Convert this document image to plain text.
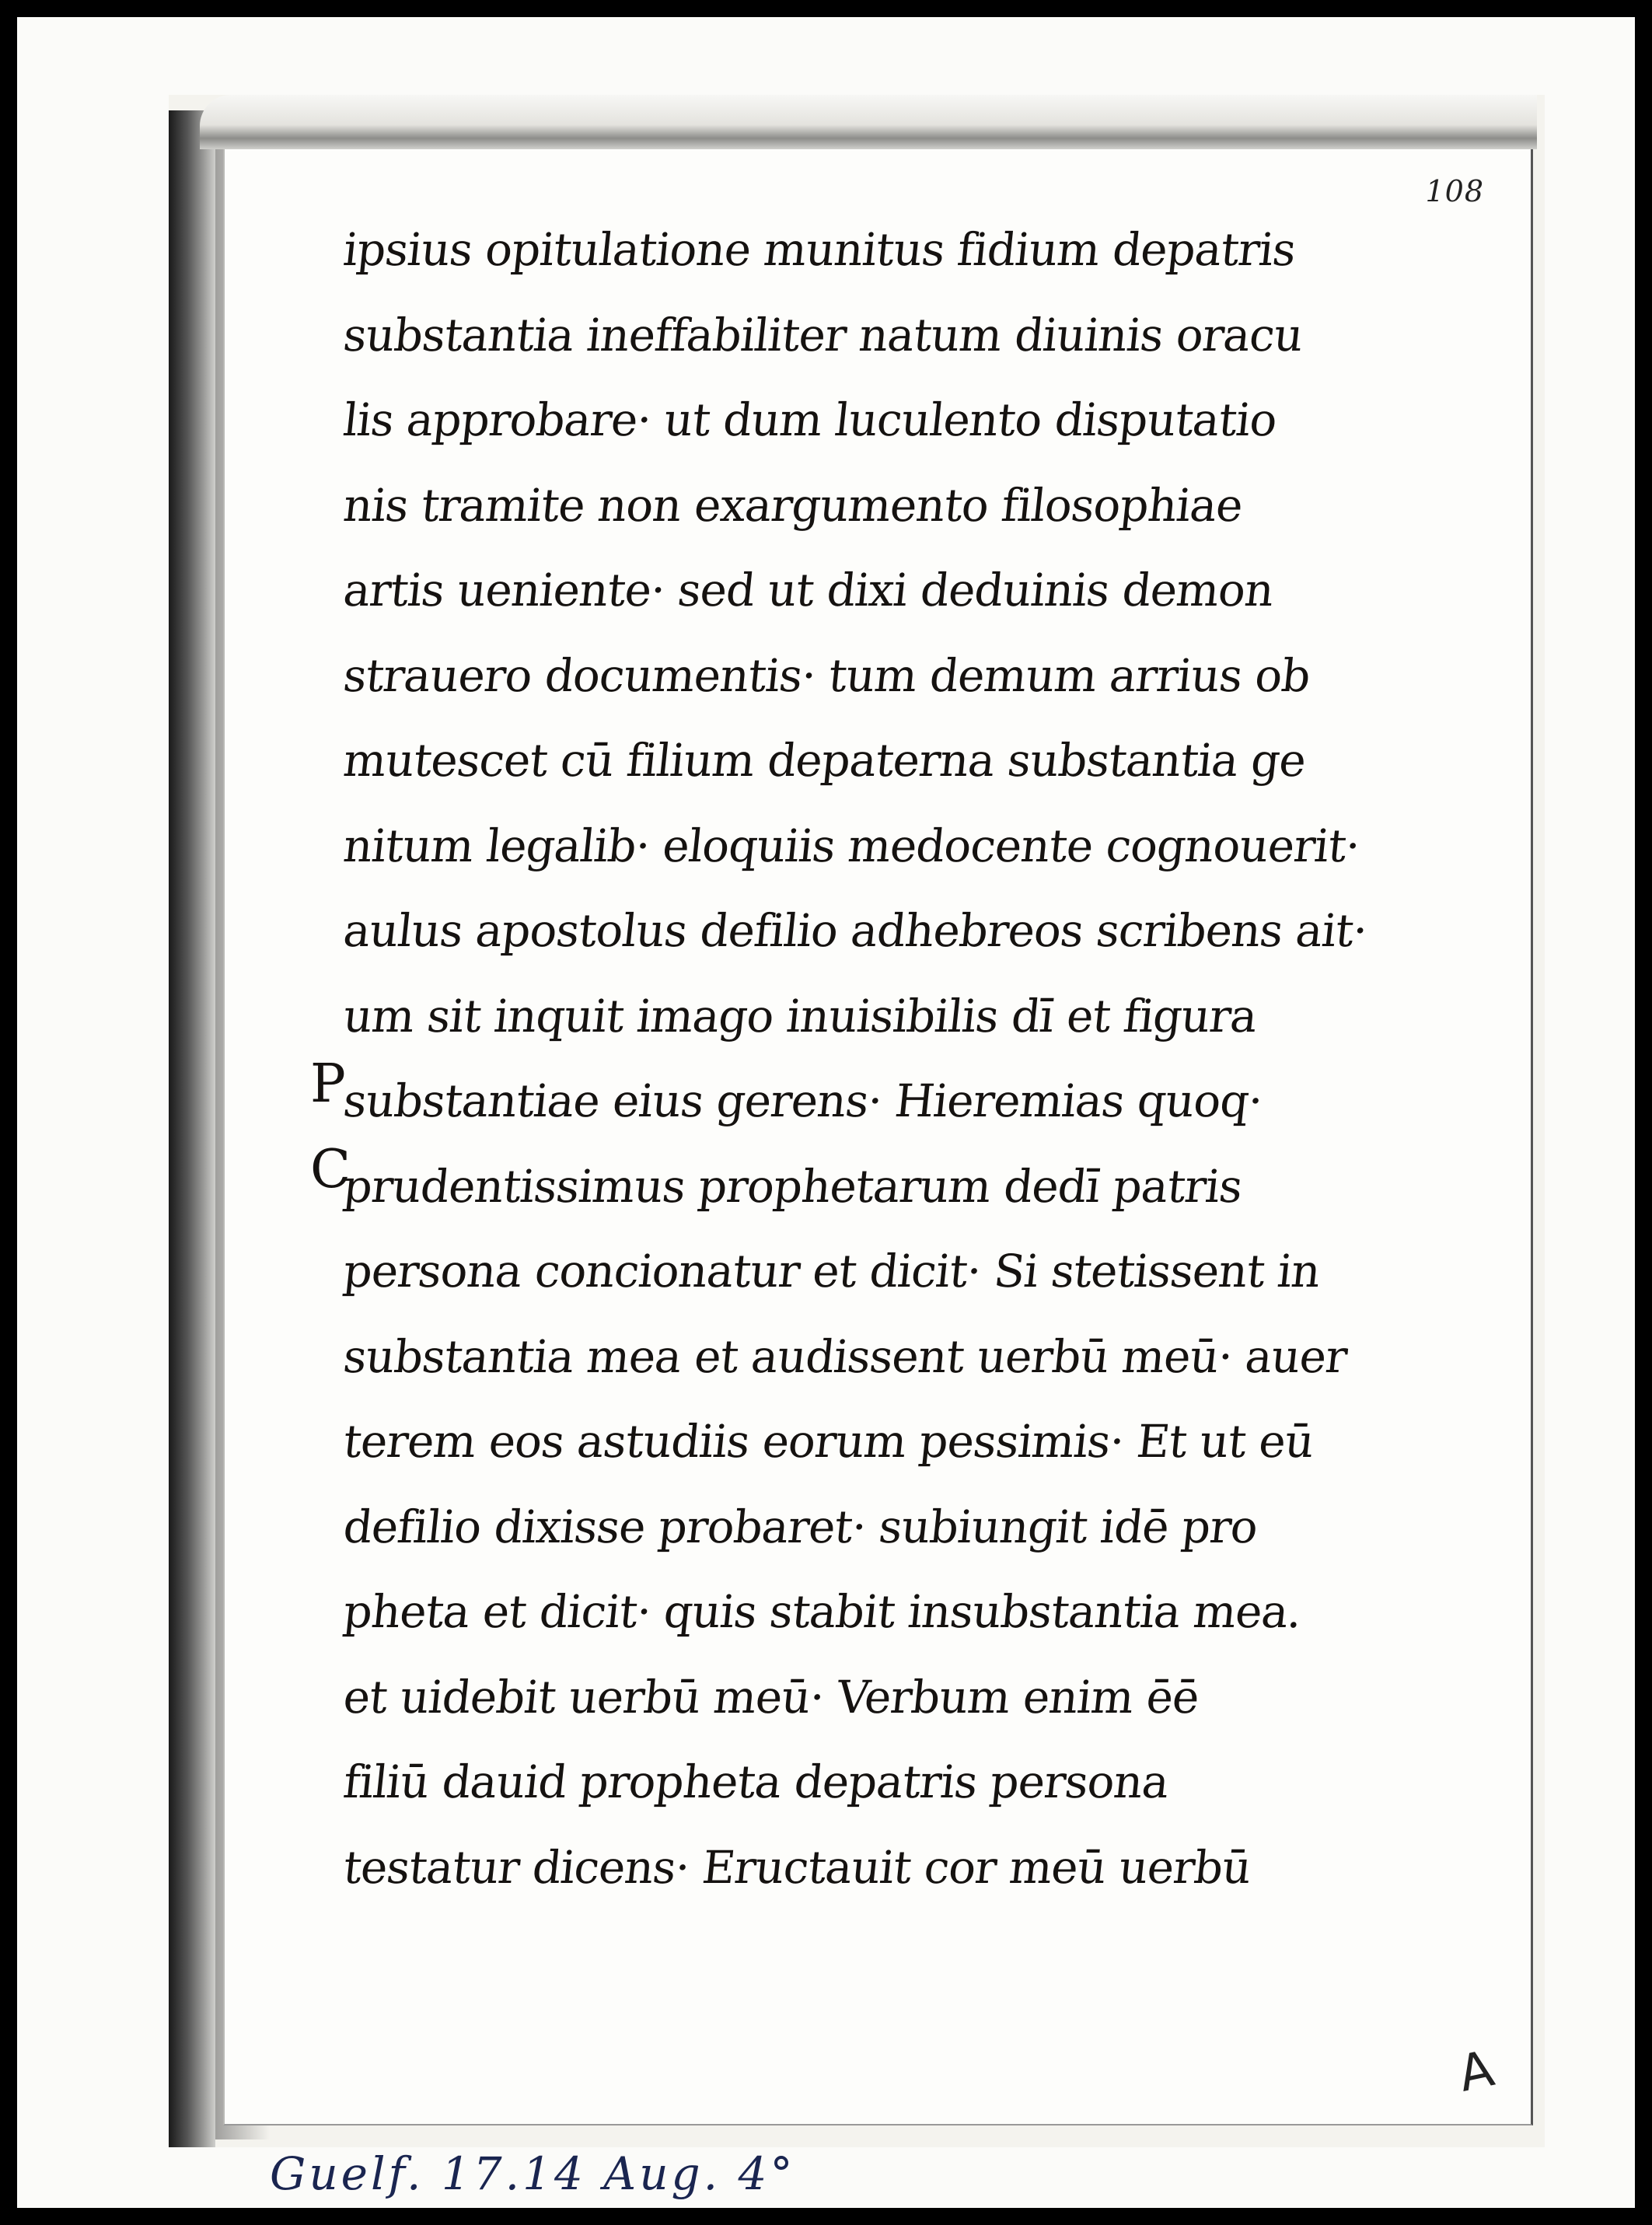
108
ipsius opitulatione munitus fidium depatris
substantia ineffabiliter natum diuinis oracu
lis approbare· ut dum luculento disputatio
nis tramite non exargumento filosophiae
artis ueniente· sed ut dixi deduinis demon
strauero documentis· tum demum arrius ob
mutescet cū filium depaterna substantia ge
nitum legalib· eloquiis medocente cognouerit·
aulus apostolus defilio adhebreos scribens ait·
um sit inquit imago inuisibilis dī et figura
substantiae eius gerens· Hieremias quoq·
prudentissimus prophetarum dedī patris
persona concionatur et dicit· Si stetissent in
substantia mea et audissent uerbū meū· auer
terem eos astudiis eorum pessimis· Et ut eū
defilio dixisse probaret· subiungit idē pro
pheta et dicit· quis stabit insubstantia mea.
et uidebit uerbū meū· Verbum enim ēē
filiū dauid propheta depatris persona
testatur dicens· Eructauit cor meū uerbū
P
C
A
Guelf. 17.14 Aug. 4°
